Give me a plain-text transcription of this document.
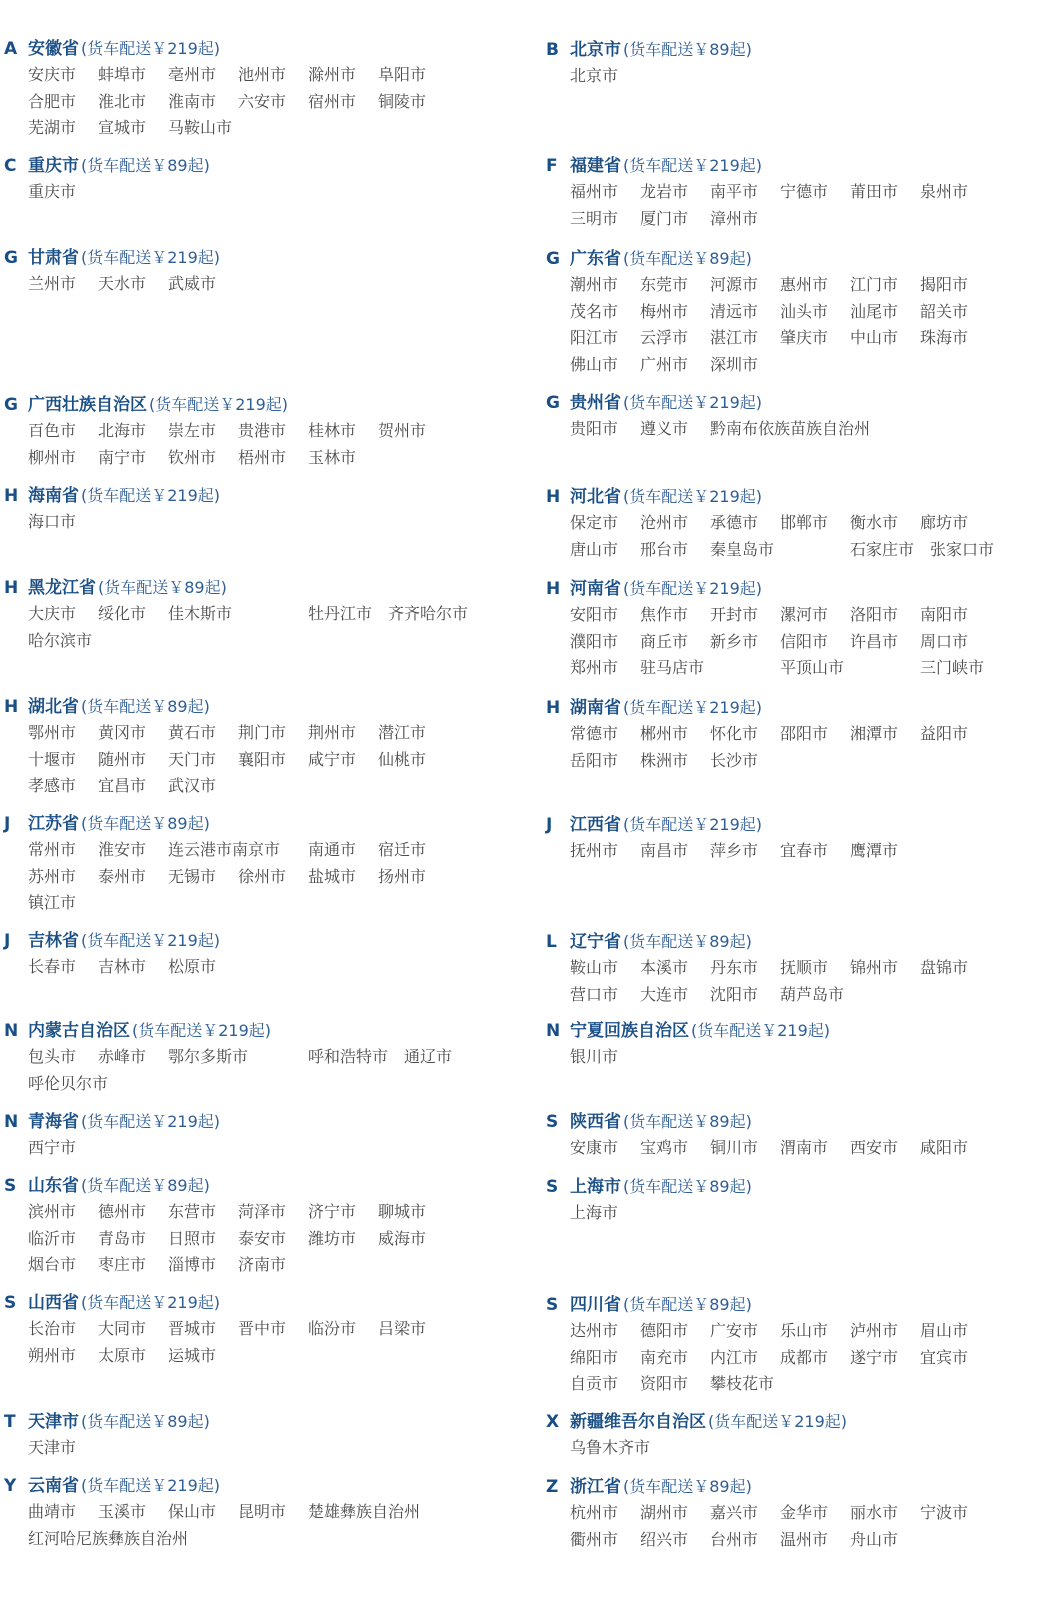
A 安徽省 (货车配送￥219起)
安庆市 蚌埠市 亳州市 池州市 滁州市 阜阳市
合肥市 淮北市 淮南市 六安市 宿州市 铜陵市
芜湖市 宣城市 马鞍山市
C 重庆市 (货车配送￥89起)
重庆市
G 甘肃省 (货车配送￥219起)
兰州市 天水市 武威市
G 广西壮族自治区 (货车配送￥219起)
百色市 北海市 崇左市 贵港市 桂林市 贺州市
柳州市 南宁市 钦州市 梧州市 玉林市
H 海南省 (货车配送￥219起)
海口市
H 黑龙江省 (货车配送￥89起)
大庆市 绥化市 佳木斯市	牡丹江市 齐齐哈尔市
哈尔滨市
H 湖北省 (货车配送￥89起)
鄂州市 黄冈市 黄石市 荆门市 荆州市 潜江市
十堰市 随州市 天门市 襄阳市 咸宁市 仙桃市
孝感市 宜昌市 武汉市
J	江苏省 (货车配送￥89起)
常州市 淮安市 连云港市南京市 南通市 宿迁市
苏州市 泰州市 无锡市 徐州市 盐城市 扬州市
镇江市
J	吉林省 (货车配送￥219起)
长春市 吉林市 松原市
N 内蒙古自治区 (货车配送￥219起)
包头市 赤峰市 鄂尔多斯市	呼和浩特市 通辽市
呼伦贝尔市
N 青海省 (货车配送￥219起)
西宁市
S 山东省 (货车配送￥89起)
滨州市 德州市 东营市 菏泽市 济宁市 聊城市
临沂市 青岛市 日照市 泰安市 潍坊市 威海市
烟台市 枣庄市 淄博市 济南市
S 山西省 (货车配送￥219起)
长治市 大同市 晋城市 晋中市 临汾市 吕梁市
朔州市 太原市 运城市
T 天津市 (货车配送￥89起)
天津市
Y 云南省 (货车配送￥219起)
曲靖市 玉溪市 保山市 昆明市 楚雄彝族自治州
红河哈尼族彝族自治州
B 北京市 (货车配送￥89起)
北京市
F 福建省 (货车配送￥219起)
福州市 龙岩市 南平市 宁德市 莆田市 泉州市
三明市 厦门市 漳州市
G 广东省 (货车配送￥89起)
潮州市 东莞市 河源市 惠州市 江门市 揭阳市
茂名市 梅州市 清远市 汕头市 汕尾市 韶关市
阳江市 云浮市 湛江市 肇庆市 中山市 珠海市
佛山市 广州市 深圳市
G 贵州省 (货车配送￥219起)
贵阳市 遵义市 黔南布依族苗族自治州
H 河北省 (货车配送￥219起)
保定市 沧州市 承德市 邯郸市 衡水市 廊坊市
唐山市 邢台市 秦皇岛市	石家庄市 张家口市
H 河南省 (货车配送￥219起)
安阳市 焦作市 开封市 漯河市 洛阳市 南阳市
濮阳市 商丘市 新乡市 信阳市 许昌市 周口市
郑州市 驻马店市	平顶山市	三门峡市
H 湖南省 (货车配送￥219起)
常德市 郴州市 怀化市 邵阳市 湘潭市 益阳市
岳阳市 株洲市 长沙市
J	江西省 (货车配送￥219起)
抚州市 南昌市 萍乡市 宜春市 鹰潭市
L 辽宁省 (货车配送￥89起)
鞍山市 本溪市 丹东市 抚顺市 锦州市 盘锦市
营口市 大连市 沈阳市 葫芦岛市
N 宁夏回族自治区 (货车配送￥219起)
银川市
S 陕西省 (货车配送￥89起)
安康市 宝鸡市 铜川市 渭南市 西安市 咸阳市
S 上海市 (货车配送￥89起)
上海市
S 四川省 (货车配送￥89起)
达州市 德阳市 广安市 乐山市 泸州市 眉山市
绵阳市 南充市 内江市 成都市 遂宁市 宜宾市
自贡市 资阳市 攀枝花市
X 新疆维吾尔自治区 (货车配送￥219起)
乌鲁木齐市
Z 浙江省 (货车配送￥89起)
杭州市 湖州市 嘉兴市 金华市 丽水市 宁波市
衢州市 绍兴市 台州市 温州市 舟山市
